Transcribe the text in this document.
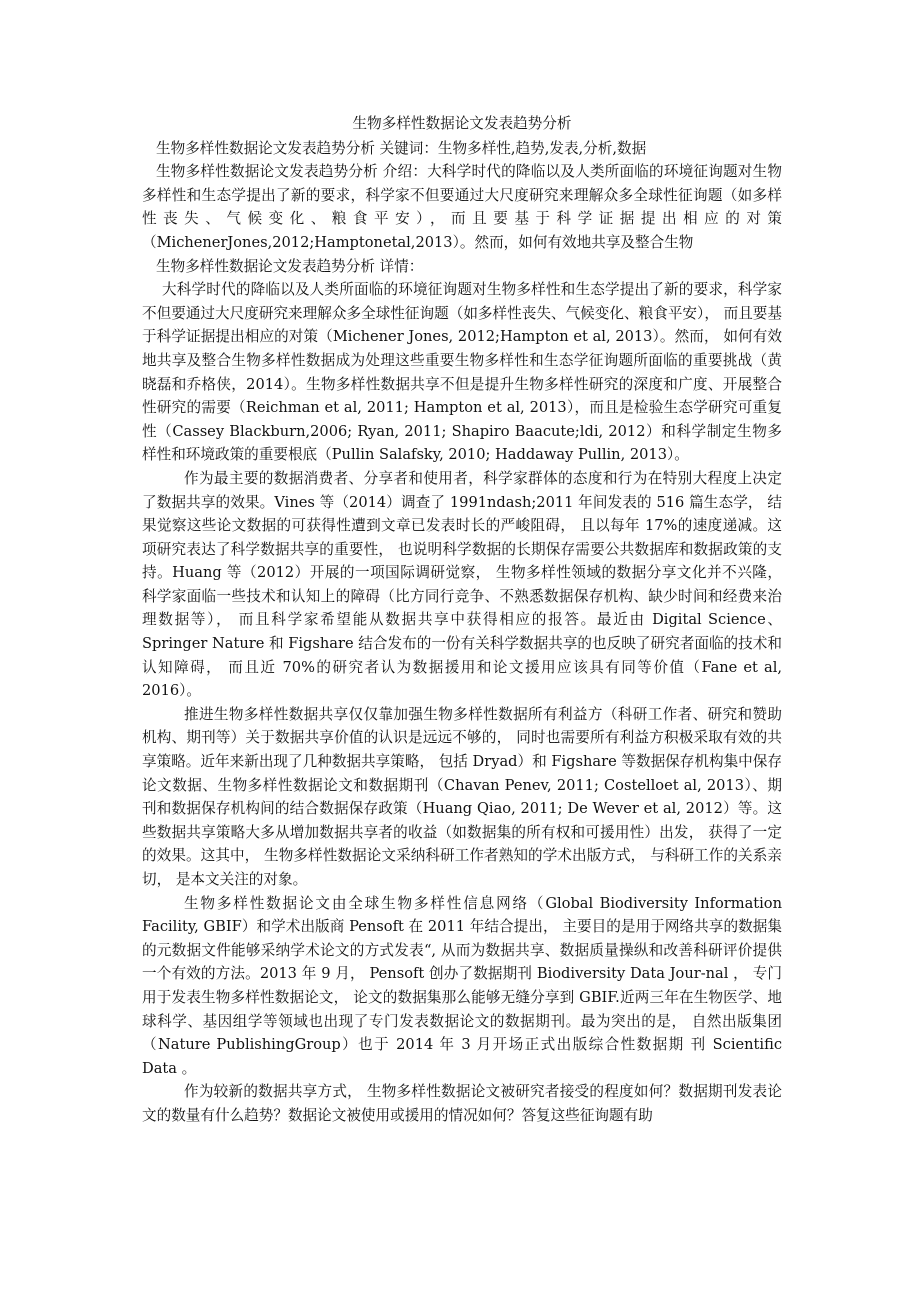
生物多样性数据论文发表趋势分析

生物多样性数据论文发表趋势分析 关键词：生物多样性,趋势,发表,分析,数据

生物多样性数据论文发表趋势分析 介绍：大科学时代的降临以及人类所面临的环境征询题对生物多样性和生态学提出了新的要求，科学家不但要通过大尺度研究来理解众多全球性征询题（如多样性丧失、气候变化、粮食平安），而且要基于科学证据提出相应的对策（MichenerJones,2012;Hamptonetal,2013）。然而，如何有效地共享及整合生物

生物多样性数据论文发表趋势分析 详情：

大科学时代的降临以及人类所面临的环境征询题对生物多样性和生态学提出了新的要求，科学家不但要通过大尺度研究来理解众多全球性征询题（如多样性丧失、气候变化、粮食平安）， 而且要基于科学证据提出相应的对策（Michener Jones, 2012;Hampton et al, 2013）。然而， 如何有效地共享及整合生物多样性数据成为处理这些重要生物多样性和生态学征询题所面临的重要挑战（黄晓磊和乔格侠，2014）。生物多样性数据共享不但是提升生物多样性研究的深度和广度、开展整合性研究的需要（Reichman et al, 2011; Hampton et al, 2013），而且是检验生态学研究可重复性（Cassey Blackburn,2006; Ryan, 2011; Shapiro Baacute;ldi, 2012）和科学制定生物多样性和环境政策的重要根底（Pullin Salafsky, 2010; Haddaway Pullin, 2013）。

作为最主要的数据消费者、分享者和使用者，科学家群体的态度和行为在特别大程度上决定了数据共享的效果。Vines 等（2014）调查了 1991ndash;2011 年间发表的 516 篇生态学， 结果觉察这些论文数据的可获得性遭到文章已发表时长的严峻阻碍， 且以每年 17%的速度递减。这项研究表达了科学数据共享的重要性， 也说明科学数据的长期保存需要公共数据库和数据政策的支持。Huang 等（2012）开展的一项国际调研觉察， 生物多样性领域的数据分享文化并不兴隆， 科学家面临一些技术和认知上的障碍（比方同行竞争、不熟悉数据保存机构、缺少时间和经费来治理数据等）， 而且科学家希望能从数据共享中获得相应的报答。最近由 Digital Science、Springer Nature 和 Figshare 结合发布的一份有关科学数据共享的也反映了研究者面临的技术和认知障碍， 而且近 70%的研究者认为数据援用和论文援用应该具有同等价值（Fane et al, 2016）。

推进生物多样性数据共享仅仅靠加强生物多样性数据所有利益方（科研工作者、研究和赞助机构、期刊等）关于数据共享价值的认识是远远不够的， 同时也需要所有利益方积极采取有效的共享策略。近年来新出现了几种数据共享策略， 包括 Dryad）和 Figshare 等数据保存机构集中保存论文数据、生物多样性数据论文和数据期刊（Chavan Penev, 2011; Costelloet al, 2013）、期刊和数据保存机构间的结合数据保存政策（Huang Qiao, 2011; De Wever et al, 2012）等。这些数据共享策略大多从增加数据共享者的收益（如数据集的所有权和可援用性）出发， 获得了一定的效果。这其中， 生物多样性数据论文采纳科研工作者熟知的学术出版方式， 与科研工作的关系亲切， 是本文关注的对象。

生物多样性数据论文由全球生物多样性信息网络（Global Biodiversity Information Facility, GBIF）和学术出版商 Pensoft 在 2011 年结合提出， 主要目的是用于网络共享的数据集的元数据文件能够采纳学术论文的方式发表“, 从而为数据共享、数据质量操纵和改善科研评价提供一个有效的方法。2013 年 9 月， Pensoft 创办了数据期刊 Biodiversity Data Jour-nal ， 专门用于发表生物多样性数据论文， 论文的数据集那么能够无缝分享到 GBIF.近两三年在生物医学、地球科学、基因组学等领域也出现了专门发表数据论文的数据期刊。最为突出的是， 自然出版集团（Nature PublishingGroup）也于 2014 年 3 月开场正式出版综合性数据期 刊 Scientific Data 。

作为较新的数据共享方式， 生物多样性数据论文被研究者接受的程度如何？数据期刊发表论文的数量有什么趋势？数据论文被使用或援用的情况如何？答复这些征询题有助
